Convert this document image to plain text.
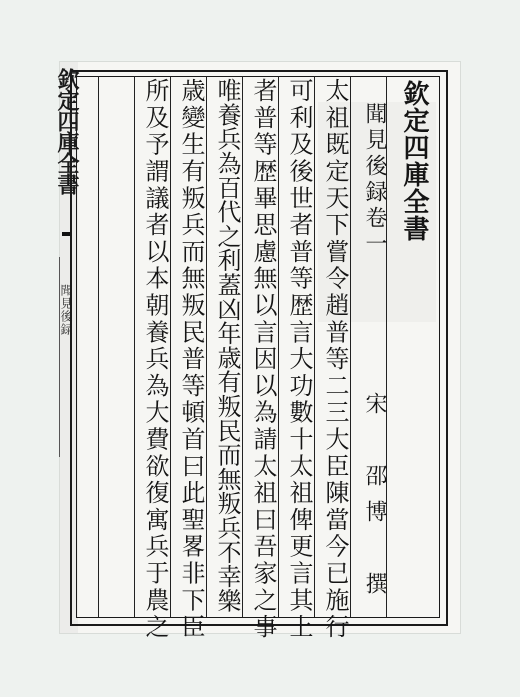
欽定四庫全書
聞見後録
欽定四庫全書
聞見後録卷一
宋　邵博　撰
太祖既定天下嘗令趙普等二三大臣陳當今已施行
可利及後世者普等歴言大功數十太祖俾更言其上
者普等歴畢思慮無以言因以為請太祖曰吾家之事
唯養兵為百代之利蓋凶年歳有叛民而無叛兵不幸樂
歳變生有叛兵而無叛民普等頓首曰此聖畧非下臣
所及予謂議者以本朝養兵為大費欲復寓兵于農之
